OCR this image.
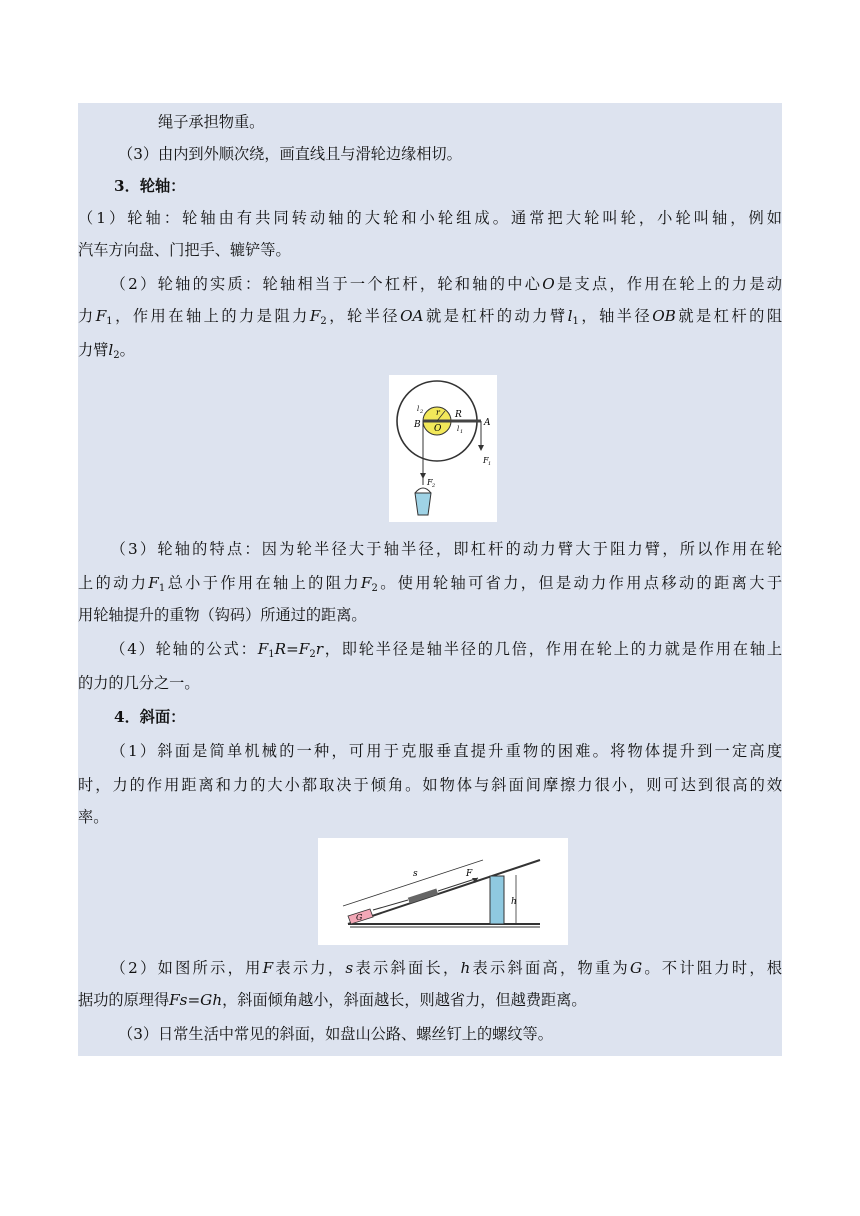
绳子承担物重。
（3）由内到外顺次绕，画直线且与滑轮边缘相切。
3．轮轴：
（1）轮轴：轮轴由有共同转动轴的大轮和小轮组成。通常把大轮叫轮，小轮叫轴，例如
汽车方向盘、门把手、辘铲等。
  （2）轮轴的实质：轮轴相当于一个杠杆，轮和轴的中心O是支点，作用在轮上的力是动
力$F_1$，作用在轴上的力是阻力$F_2$，轮半径OA就是杠杆的动力臂$l_1$，轴半径OB就是杠杆的阻
力臂$l_2$。
l 2 r R
B O
A
l 1
F 1
F 2
  （3）轮轴的特点：因为轮半径大于轴半径，即杠杆的动力臂大于阻力臂，所以作用在轮
上的动力$F_1$总小于作用在轴上的阻力$F_2$。使用轮轴可省力，但是动力作用点移动的距离大于
用轮轴提升的重物（钩码）所通过的距离。
  （4）轮轴的公式：$F_1R=F_2r$，即轮半径是轴半径的几倍，作用在轮上的力就是作用在轴上
的力的几分之一。
4．斜面：
  （1）斜面是简单机械的一种，可用于克服垂直提升重物的困难。将物体提升到一定高度
时，力的作用距离和力的大小都取决于倾角。如物体与斜面间摩擦力很小，则可达到很高的效
率。
h
G
s	F
  （2）如图所示，用F表示力，s表示斜面长，h表示斜面高，物重为G。不计阻力时，根
据功的原理得Fs=Gh，斜面倾角越小，斜面越长，则越省力，但越费距离。
（3）日常生活中常见的斜面，如盘山公路、螺丝钉上的螺纹等。
